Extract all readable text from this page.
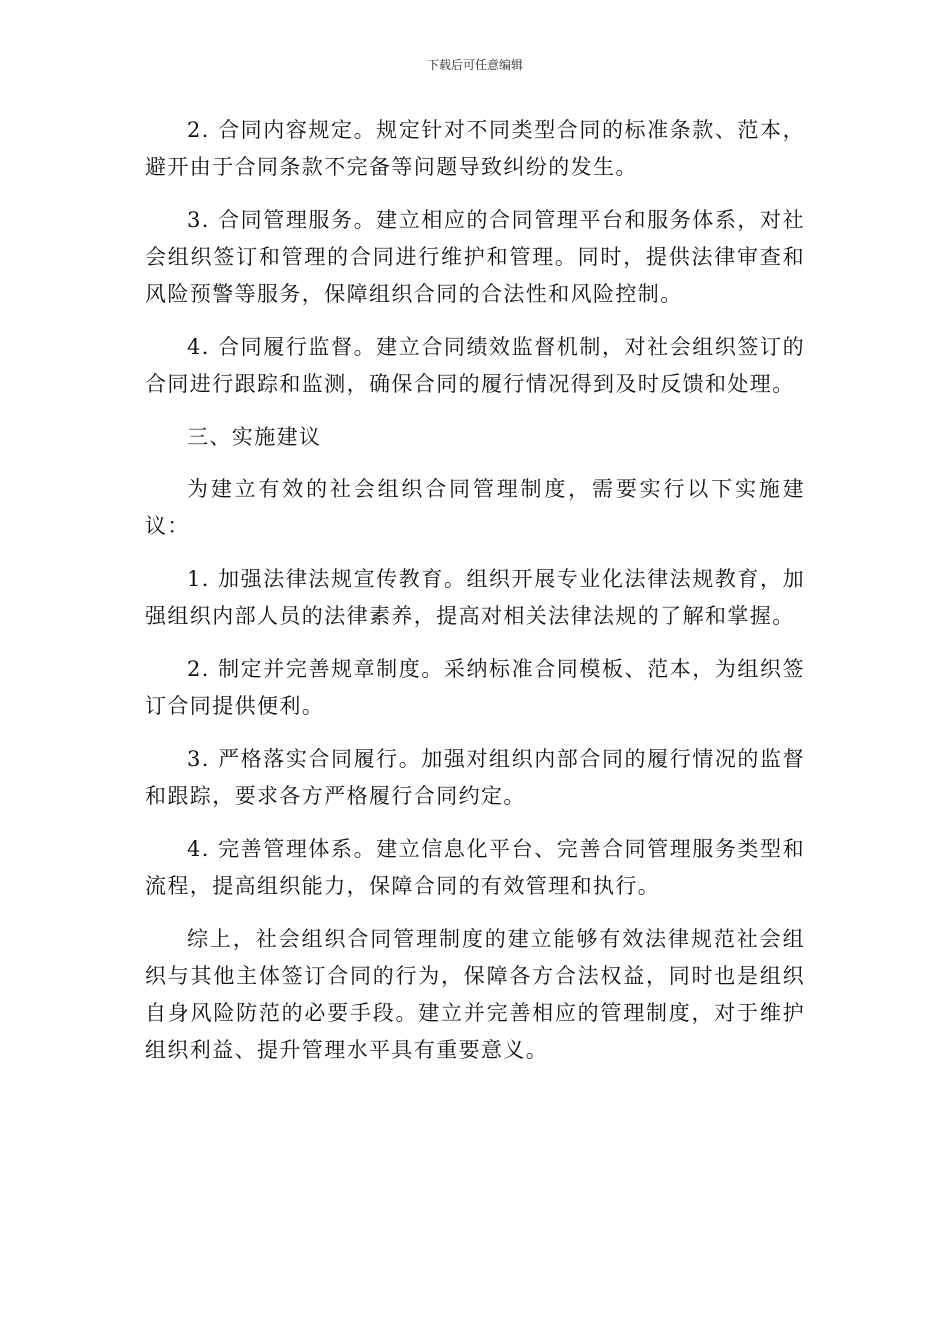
下载后可任意编辑

2. 合同内容规定。规定针对不同类型合同的标准条款、范本，避开由于合同条款不完备等问题导致纠纷的发生。

3. 合同管理服务。建立相应的合同管理平台和服务体系，对社会组织签订和管理的合同进行维护和管理。同时，提供法律审查和风险预警等服务，保障组织合同的合法性和风险控制。

4. 合同履行监督。建立合同绩效监督机制，对社会组织签订的合同进行跟踪和监测，确保合同的履行情况得到及时反馈和处理。

三、实施建议

为建立有效的社会组织合同管理制度，需要实行以下实施建议：

1. 加强法律法规宣传教育。组织开展专业化法律法规教育，加强组织内部人员的法律素养，提高对相关法律法规的了解和掌握。

2. 制定并完善规章制度。采纳标准合同模板、范本，为组织签订合同提供便利。

3. 严格落实合同履行。加强对组织内部合同的履行情况的监督和跟踪，要求各方严格履行合同约定。

4. 完善管理体系。建立信息化平台、完善合同管理服务类型和流程，提高组织能力，保障合同的有效管理和执行。

综上，社会组织合同管理制度的建立能够有效法律规范社会组织与其他主体签订合同的行为，保障各方合法权益，同时也是组织自身风险防范的必要手段。建立并完善相应的管理制度，对于维护组织利益、提升管理水平具有重要意义。
